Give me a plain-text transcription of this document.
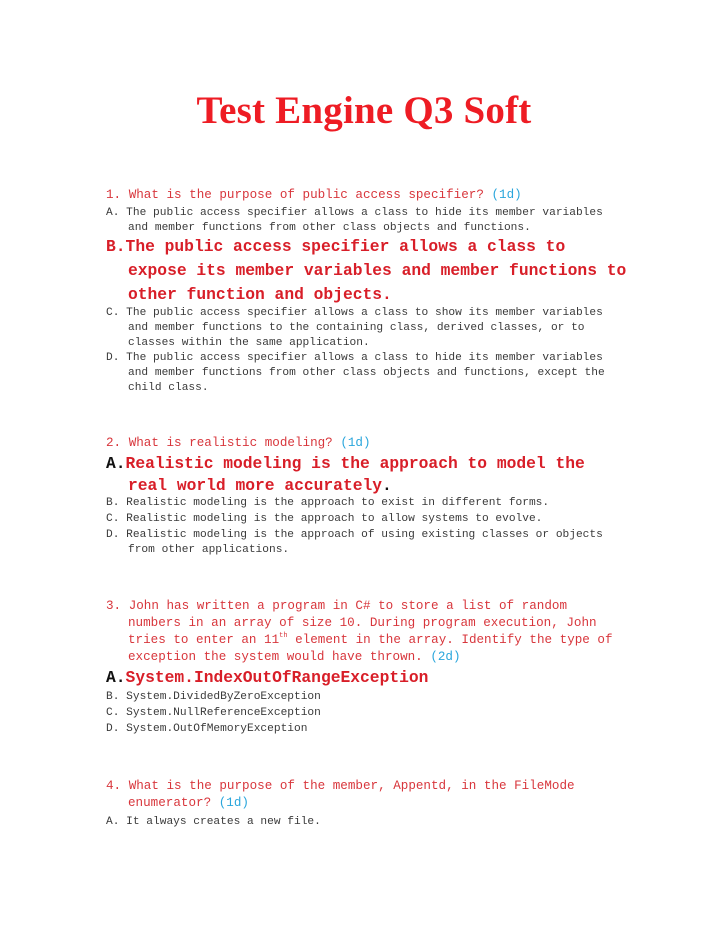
Test Engine Q3 Soft
1. What is the purpose of public access specifier? (1d)
A. The public access specifier allows a class to hide its member variables
and member functions from other class objects and functions.
B.The public access specifier allows a class to
expose its member variables and member functions to
other function and objects.
C. The public access specifier allows a class to show its member variables
and member functions to the containing class, derived classes, or to
classes within the same application.
D. The public access specifier allows a class to hide its member variables
and member functions from other class objects and functions, except the
child class.
2. What is realistic modeling? (1d)
A.Realistic modeling is the approach to model the
real world more accurately.
B. Realistic modeling is the approach to exist in different forms.
C. Realistic modeling is the approach to allow systems to evolve.
D. Realistic modeling is the approach of using existing classes or objects
from other applications.
3. John has written a program in C# to store a list of random
numbers in an array of size 10. During program execution, John
tries to enter an 11th element in the array. Identify the type of
exception the system would have thrown. (2d)
A.System.IndexOutOfRangeException
B. System.DividedByZeroException
C. System.NullReferenceException
D. System.OutOfMemoryException
4. What is the purpose of the member, Appentd, in the FileMode
enumerator? (1d)
A. It always creates a new file.
